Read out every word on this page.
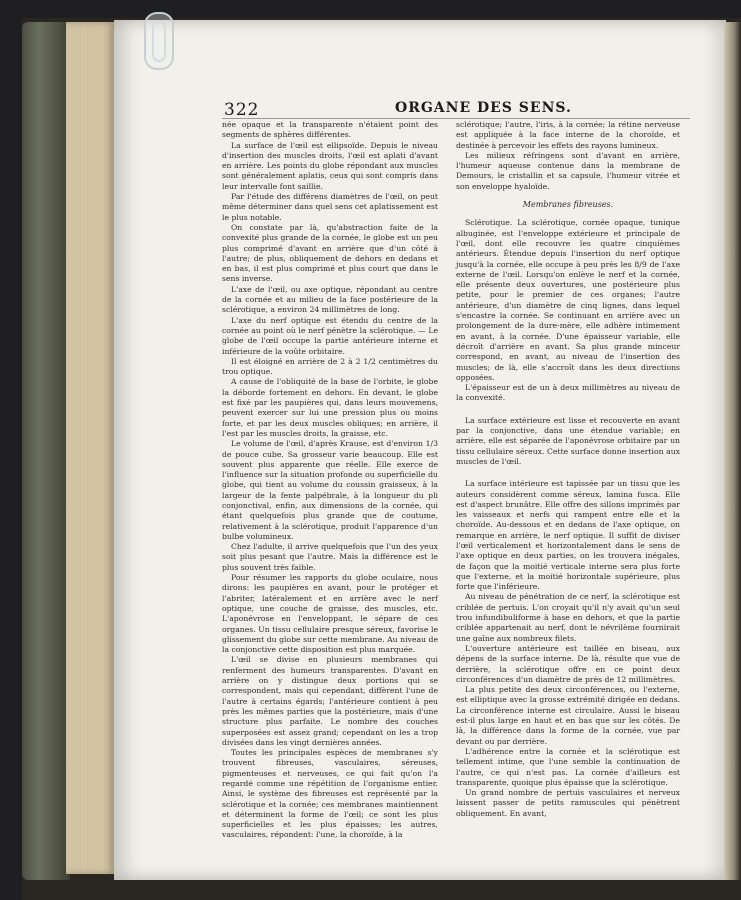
322	ORGANE DES SENS.

née opaque et la transparente n'étaient point des segments de sphères différentes.

La surface de l'œil est ellipsoïde. Depuis le niveau d'insertion des muscles droits, l'œil est aplati d'avant en arrière. Les points du globe répondant aux muscles sont généralement aplatis, ceux qui sont compris dans leur intervalle font saillie.

Par l'étude des différens diamètres de l'œil, on peut même déterminer dans quel sens cet aplatissement est le plus notable.

On constate par là, qu'abstraction faite de la convexité plus grande de la cornée, le globe est un peu plus comprimé d'avant en arrière que d'un côté à l'autre; de plus, obliquement de dehors en dedans et en bas, il est plus comprimé et plus court que dans le sens inverse.

L'axe de l'œil, ou axe optique, répondant au centre de la cornée et au milieu de la face postérieure de la sclérotique, a environ 24 millimètres de long.

L'axe du nerf optique est étendu du centre de la cornée au point où le nerf pénètre la sclérotique. — Le globe de l'œil occupe la partie antérieure interne et inférieure de la voûte orbitaire.

Il est éloigné en arrière de 2 à 2 1/2 centimètres du trou optique.

A cause de l'obliquité de la base de l'orbite, le globe la déborde fortement en dehors. En devant, le globe est fixé par les paupières qui, dans leurs mouvemens, peuvent exercer sur lui une pression plus ou moins forte, et par les deux muscles obliques; en arrière, il l'est par les muscles droits, la graisse, etc.

Le volume de l'œil, d'après Krause, est d'environ 1/3 de pouce cube. Sa grosseur varie beaucoup. Elle est souvent plus apparente que réelle. Elle exerce de l'influence sur la situation profonde ou superficielle du globe, qui tient au volume du coussin graisseux, à la largeur de la fente palpébrale, à la longueur du pli conjonctival, enfin, aux dimensions de la cornée, qui étant quelquefois plus grande que de coutume, relativement à la sclérotique, produit l'apparence d'un bulbe volumineux.

Chez l'adulte, il arrive quelquefois que l'un des yeux soit plus pesant que l'autre. Mais la différence est le plus souvent très faible.

Pour résumer les rapports du globe oculaire, nous dirons: les paupières en avant, pour le protéger et l'abriter, latéralement et en arrière avec le nerf optique, une couche de graisse, des muscles, etc. L'aponévrose en l'enveloppant, le sépare de ces organes. Un tissu cellulaire presque séreux, favorise le glissement du globe sur cette membrane. Au niveau de la conjonctive cette disposition est plus marquée.

L'œil se divise en plusieurs membranes qui renferment des humeurs transparentes. D'avant en arrière on y distingue deux portions qui se correspondent, mais qui cependant, diffèrent l'une de l'autre à certains égards; l'antérieure contient à peu près les mêmes parties que la postérieure, mais d'une structure plus parfaite. Le nombre des couches superposées est assez grand; cependant on les a trop divisées dans les vingt dernières années.

Toutes les principales espèces de membranes s'y trouvent fibreuses, vasculaires, séreuses, pigmenteuses et nerveuses, ce qui fait qu'on l'a regardé comme une répétition de l'organisme entier. Ainsi, le système des fibreuses est représenté par la sclérotique et la cornée; ces membranes maintiennent et déterminent la forme de l'œil; ce sont les plus superficielles et les plus épaisses; les autres, vasculaires, répondent: l'une, la choroïde, à la

sclérotique; l'autre, l'iris, à la cornée; la rétine nerveuse est appliquée à la face interne de la choroïde, et destinée à percevoir les effets des rayons lumineux.

Les milieux réfringens sont d'avant en arrière, l'humeur aqueuse contenue dans la membrane de Demours, le cristallin et sa capsule, l'humeur vitrée et son enveloppe hyaloïde.

Membranes fibreuses.

Sclérotique. La sclérotique, cornée opaque, tunique albuginée, est l'enveloppe extérieure et principale de l'œil, dont elle recouvre les quatre cinquièmes antérieurs. Étendue depuis l'insertion du nerf optique jusqu'à la cornée, elle occupe à peu près les 8/9 de l'axe externe de l'œil. Lorsqu'on enlève le nerf et la cornée, elle présente deux ouvertures, une postérieure plus petite, pour le premier de ces organes; l'autre antérieure, d'un diamètre de cinq lignes, dans lequel s'encastre la cornée. Se continuant en arrière avec un prolongement de la dure-mère, elle adhère intimement en avant, à la cornée. D'une épaisseur variable, elle décroît d'arrière en avant. Sa plus grande minceur correspond, en avant, au niveau de l'insertion des muscles; de là, elle s'accroît dans les deux directions opposées.

L'épaisseur est de un à deux millimètres au niveau de la convexité.

La surface extérieure est lisse et recouverte en avant par la conjonctive, dans une étendue variable; en arrière, elle est séparée de l'aponévrose orbitaire par un tissu cellulaire séreux. Cette surface donne insertion aux muscles de l'œil.

La surface intérieure est tapissée par un tissu que les auteurs considèrent comme séreux, lamina fusca. Elle est d'aspect brunâtre. Elle offre des sillons imprimés par les vaisseaux et nerfs qui rampent entre elle et la choroïde. Au-dessous et en dedans de l'axe optique, on remarque en arrière, le nerf optique. Il suffit de diviser l'œil verticalement et horizontalement dans le sens de l'axe optique en deux parties, on les trouvera inégales, de façon que la moitié verticale interne sera plus forte que l'externe, et la moitié horizontale supérieure, plus forte que l'inférieure.

Au niveau de pénétration de ce nerf, la sclérotique est criblée de pertuis. L'on croyait qu'il n'y avait qu'un seul trou infundibuliforme à base en dehors, et que la partie criblée appartenait au nerf, dont le névrilème fournirait une gaîne aux nombreux filets.

L'ouverture antérieure est taillée en biseau, aux dépens de la surface interne. De là, résulte que vue de derrière, la sclérotique offre en ce point deux circonférences d'un diamètre de près de 12 millimètres.

La plus petite des deux circonférences, ou l'externe, est elliptique avec la grosse extrémité dirigée en dedans. La circonférence interne est circulaire. Aussi le biseau est-il plus large en haut et en bas que sur les côtés. De là, la différence dans la forme de la cornée, vue par devant ou par derrière.

L'adhérence entre la cornée et la sclérotique est tellement intime, que l'une semble la continuation de l'autre, ce qui n'est pas. La cornée d'ailleurs est transparente, quoique plus épaisse que la sclérotique.

Un grand nombre de pertuis vasculaires et nerveux laissent passer de petits ramuscules qui pénètrent obliquement. En avant,
